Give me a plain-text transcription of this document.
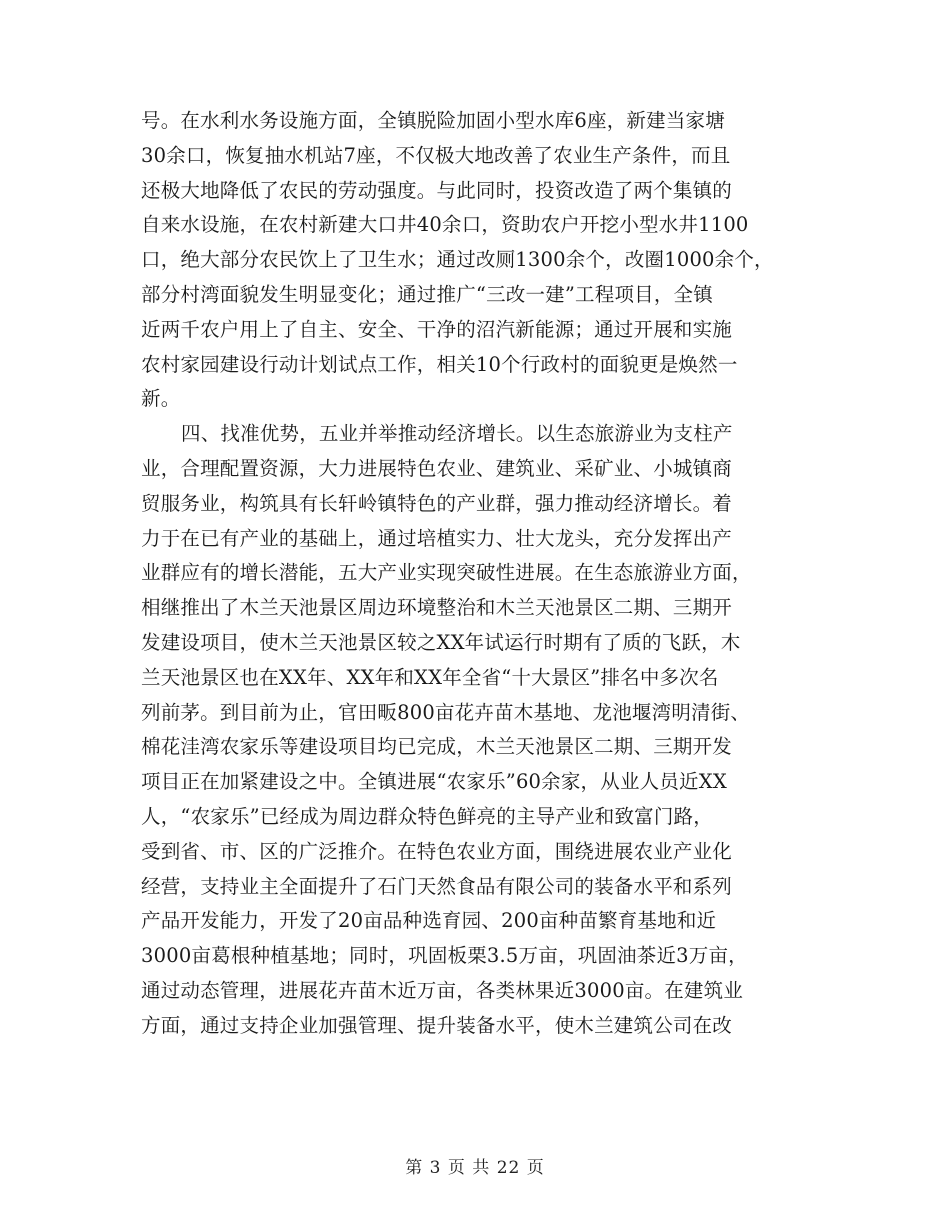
号。在水利水务设施方面，全镇脱险加固小型水库6座，新建当家塘
30余口，恢复抽水机站7座，不仅极大地改善了农业生产条件，而且
还极大地降低了农民的劳动强度。与此同时，投资改造了两个集镇的
自来水设施，在农村新建大口井40余口，资助农户开挖小型水井1100
口，绝大部分农民饮上了卫生水；通过改厕1300余个，改圈1000余个，
部分村湾面貌发生明显变化；通过推广“三改一建”工程项目，全镇
近两千农户用上了自主、安全、干净的沼汽新能源；通过开展和实施
农村家园建设行动计划试点工作，相关10个行政村的面貌更是焕然一
新。
四、找准优势，五业并举推动经济增长。以生态旅游业为支柱产
业，合理配置资源，大力进展特色农业、建筑业、采矿业、小城镇商
贸服务业，构筑具有长轩岭镇特色的产业群，强力推动经济增长。着
力于在已有产业的基础上，通过培植实力、壮大龙头，充分发挥出产
业群应有的增长潜能，五大产业实现突破性进展。在生态旅游业方面，
相继推出了木兰天池景区周边环境整治和木兰天池景区二期、三期开
发建设项目，使木兰天池景区较之XX年试运行时期有了质的飞跃，木
兰天池景区也在XX年、XX年和XX年全省“十大景区”排名中多次名
列前茅。到目前为止，官田畈800亩花卉苗木基地、龙池堰湾明清街、
棉花洼湾农家乐等建设项目均已完成，木兰天池景区二期、三期开发
项目正在加紧建设之中。全镇进展“农家乐”60余家，从业人员近XX
人，“农家乐”已经成为周边群众特色鲜亮的主导产业和致富门路，
受到省、市、区的广泛推介。在特色农业方面，围绕进展农业产业化
经营，支持业主全面提升了石门天然食品有限公司的装备水平和系列
产品开发能力，开发了20亩品种选育园、200亩种苗繁育基地和近
3000亩葛根种植基地；同时，巩固板栗3.5万亩，巩固油茶近3万亩，
通过动态管理，进展花卉苗木近万亩，各类林果近3000亩。在建筑业
方面，通过支持企业加强管理、提升装备水平，使木兰建筑公司在改
第 3 页 共 22 页
